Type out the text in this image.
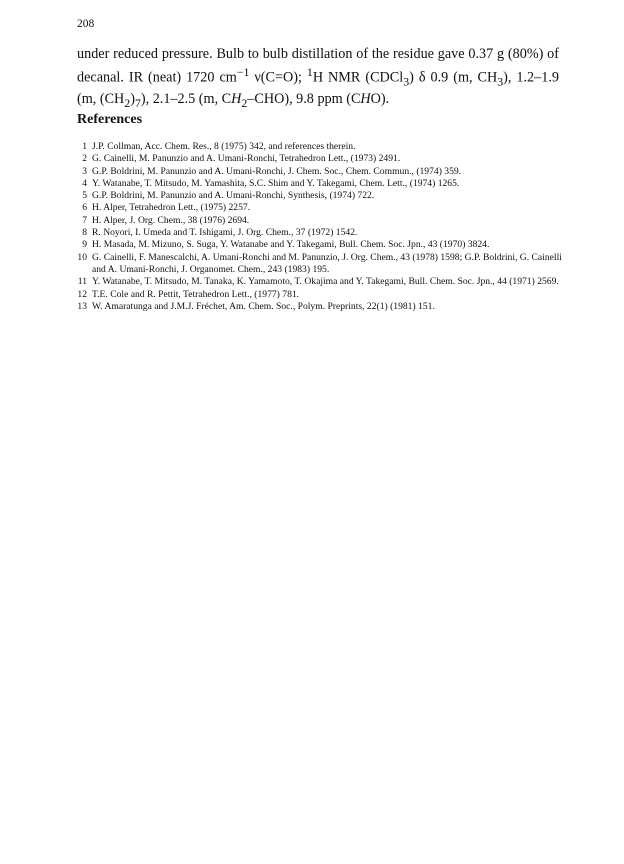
208

under reduced pressure. Bulb to bulb distillation of the residue gave 0.37 g (80%) of decanal. IR (neat) 1720 $cm^{-1}$ ν(C=O); $^1$H NMR (CDCl$_3$) δ 0.9 (m, $CH_3$), 1.2–1.9 (m, $(CH_2)_7$), 2.1–2.5 (m, $CH_2-CHO$), 9.8 ppm (CHO).

References
1 J.P. Collman, Acc. Chem. Res., 8 (1975) 342, and references therein.
2 G. Cainelli, M. Panunzio and A. Umani-Ronchi, Tetrahedron Lett., (1973) 2491.
3 G.P. Boldrini, M. Panunzio and A. Umani-Ronchi, J. Chem. Soc., Chem. Commun., (1974) 359.
4 Y. Watanabe, T. Mitsudo, M. Yamashita, S.C. Shim and Y. Takegami, Chem. Lett., (1974) 1265.
5 G.P. Boldrini, M. Panunzio and A. Umani-Ronchi, Synthesis, (1974) 722.
6 H. Alper, Tetrahedron Lett., (1975) 2257.
7 H. Alper, J. Org. Chem., 38 (1976) 2694.
8 R. Noyori, I. Umeda and T. Ishigami, J. Org. Chem., 37 (1972) 1542.
9 H. Masada, M. Mizuno, S. Suga, Y. Watanabe and Y. Takegami, Bull. Chem. Soc. Jpn., 43 (1970) 3824.
10 G. Cainelli, F. Manescalchi, A. Umani-Ronchi and M. Panunzio, J. Org. Chem., 43 (1978) 1598; G.P. Boldrini, G. Cainelli and A. Umani-Ronchi, J. Organomet. Chem., 243 (1983) 195.
11 Y. Watanabe, T. Mitsudo, M. Tanaka, K. Yamamoto, T. Okajima and Y. Takegami, Bull. Chem. Soc. Jpn., 44 (1971) 2569.
12 T.E. Cole and R. Pettit, Tetrahedron Lett., (1977) 781.
13 W. Amaratunga and J.M.J. Fréchet, Am. Chem. Soc., Polym. Preprints, 22(1) (1981) 151.
